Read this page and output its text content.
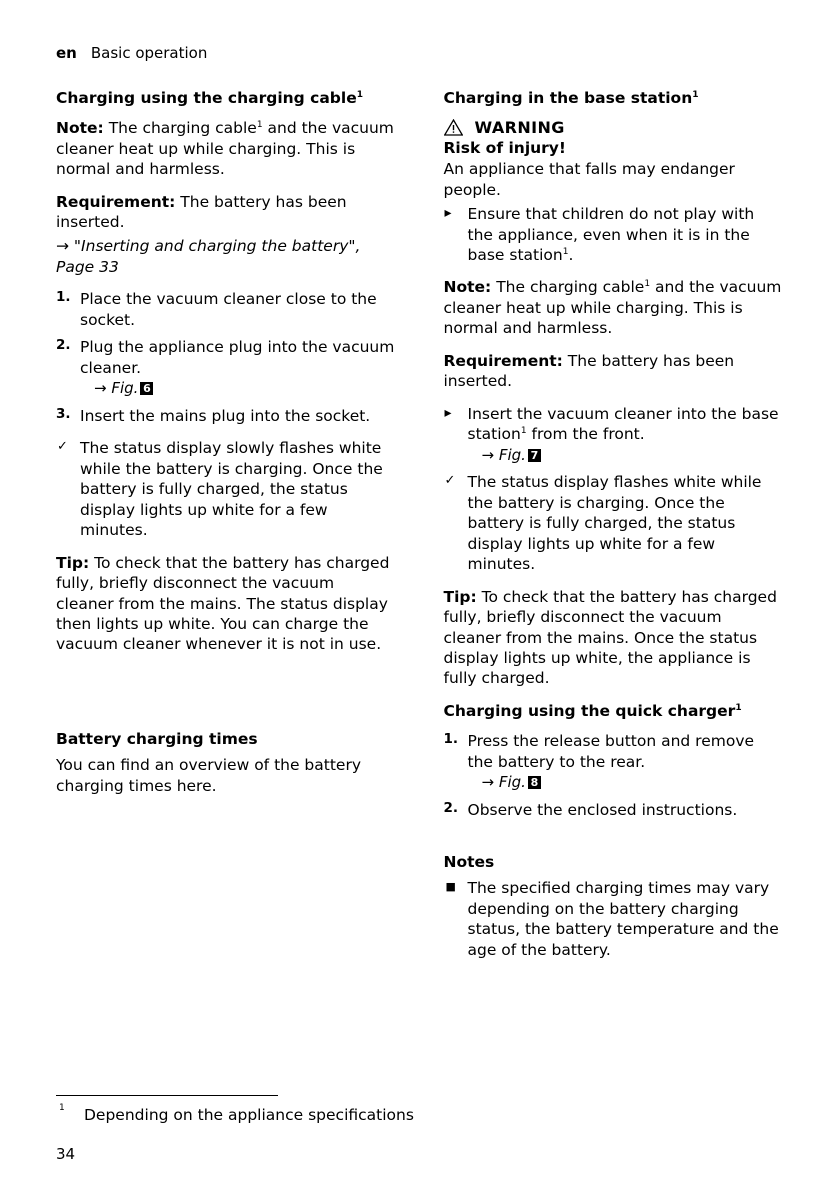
en Basic operation
Charging using the charging cable$^1$

Note: The charging cable$^1$ and the vacuum cleaner heat up while charging. This is normal and harmless.

Requirement: The battery has been inserted.

→ "Inserting and charging the battery", Page 33

1. Place the vacuum cleaner close to the socket.
2. Plug the appliance plug into the vacuum cleaner.
→ Fig. 6
3. Insert the mains plug into the socket.
✓ The status display slowly flashes white while the battery is charging. Once the battery is fully charged, the status display lights up white for a few minutes.

Tip: To check that the battery has charged fully, briefly disconnect the vacuum cleaner from the mains. The status display then lights up white. You can charge the vacuum cleaner whenever it is not in use.

Battery charging times

You can find an overview of the battery charging times here.

Charging in the base station$^1$
WARNING

Risk of injury!

An appliance that falls may endanger people.

▸ Ensure that children do not play with the appliance, even when it is in the base station$^1$.

Note: The charging cable$^1$ and the vacuum cleaner heat up while charging. This is normal and harmless.

Requirement: The battery has been inserted.

▸ Insert the vacuum cleaner into the base station$^1$ from the front.
→ Fig. 7
✓ The status display flashes white while the battery is charging. Once the battery is fully charged, the status display lights up white for a few minutes.

Tip: To check that the battery has charged fully, briefly disconnect the vacuum cleaner from the mains. Once the status display lights up white, the appliance is fully charged.

Charging using the quick charger$^1$
1. Press the release button and remove the battery to the rear.
→ Fig. 8
2. Observe the enclosed instructions.
Notes
■ The specified charging times may vary depending on the battery charging status, the battery temperature and the age of the battery.
1 Depending on the appliance specifications
34
